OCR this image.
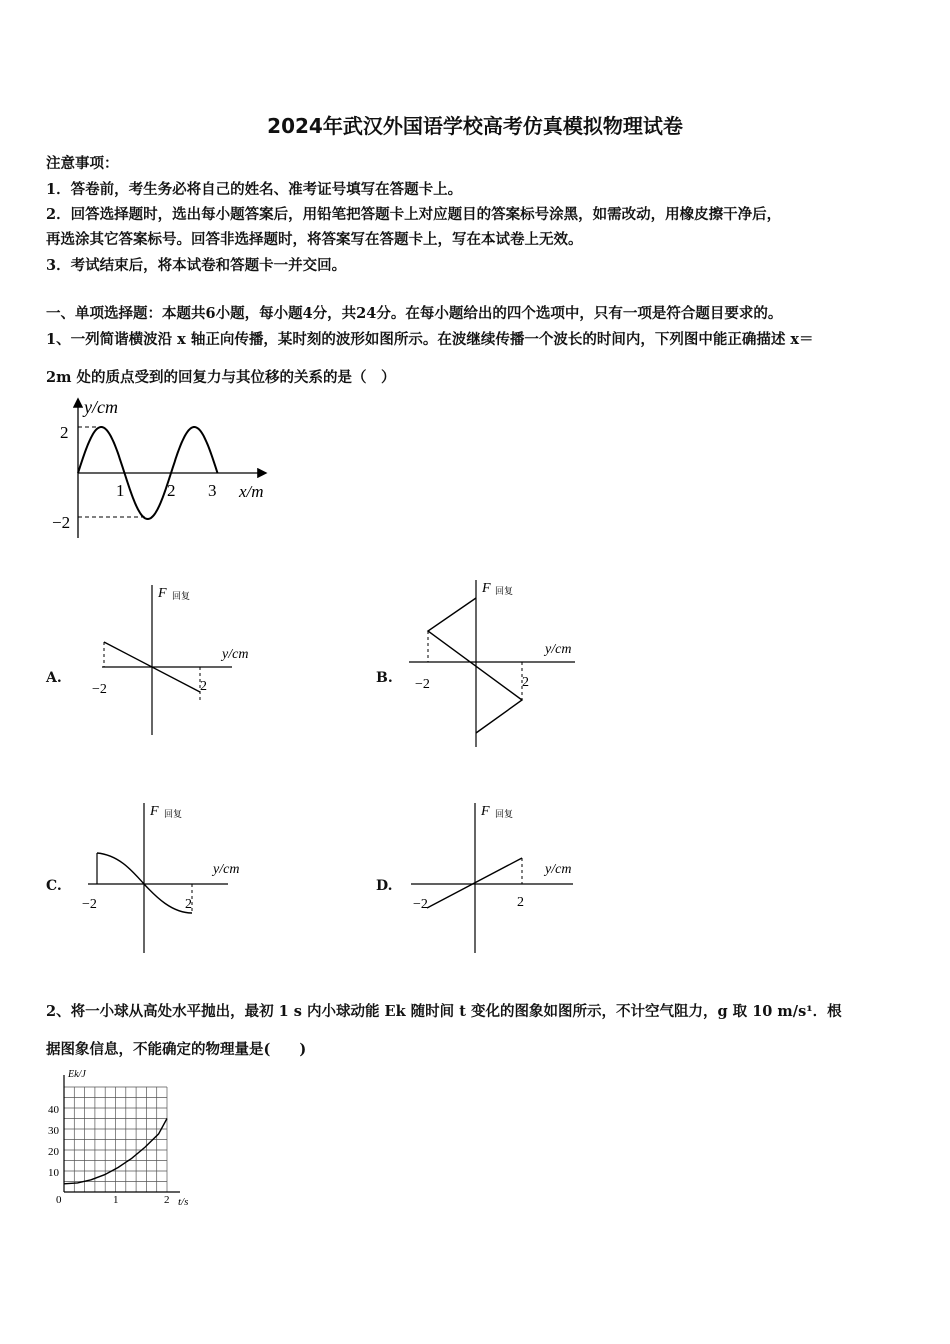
2024年武汉外国语学校高考仿真模拟物理试卷
注意事项：
1．答卷前，考生务必将自己的姓名、准考证号填写在答题卡上。
2．回答选择题时，选出每小题答案后，用铅笔把答题卡上对应题目的答案标号涂黑，如需改动，用橡皮擦干净后，
再选涂其它答案标号。回答非选择题时，将答案写在答题卡上，写在本试卷上无效。
3．考试结束后，将本试卷和答题卡一并交回。
一、单项选择题：本题共6小题，每小题4分，共24分。在每小题给出的四个选项中，只有一项是符合题目要求的。
1、一列简谐横波沿 x 轴正向传播，某时刻的波形如图所示。在波继续传播一个波长的时间内，下列图中能正确描述 x＝
2m 处的质点受到的回复力与其位移的关系的是（　）
y/cm
2
−2
1	2 3 x/m
A.
F 回复
y/cm
−2	2
B.
F 回复
y/cm
−2	2
C.
F 回复
y/cm
−2	2
D.
F 回复
y/cm
−2	2
2、将一小球从高处水平抛出，最初 1 s 内小球动能 Ek 随时间 t 变化的图象如图所示，不计空气阻力，g 取 10 m/s¹．根
据图象信息，不能确定的物理量是(　　)
Ek/J
40
30
20
10
0	1	2 t/s
